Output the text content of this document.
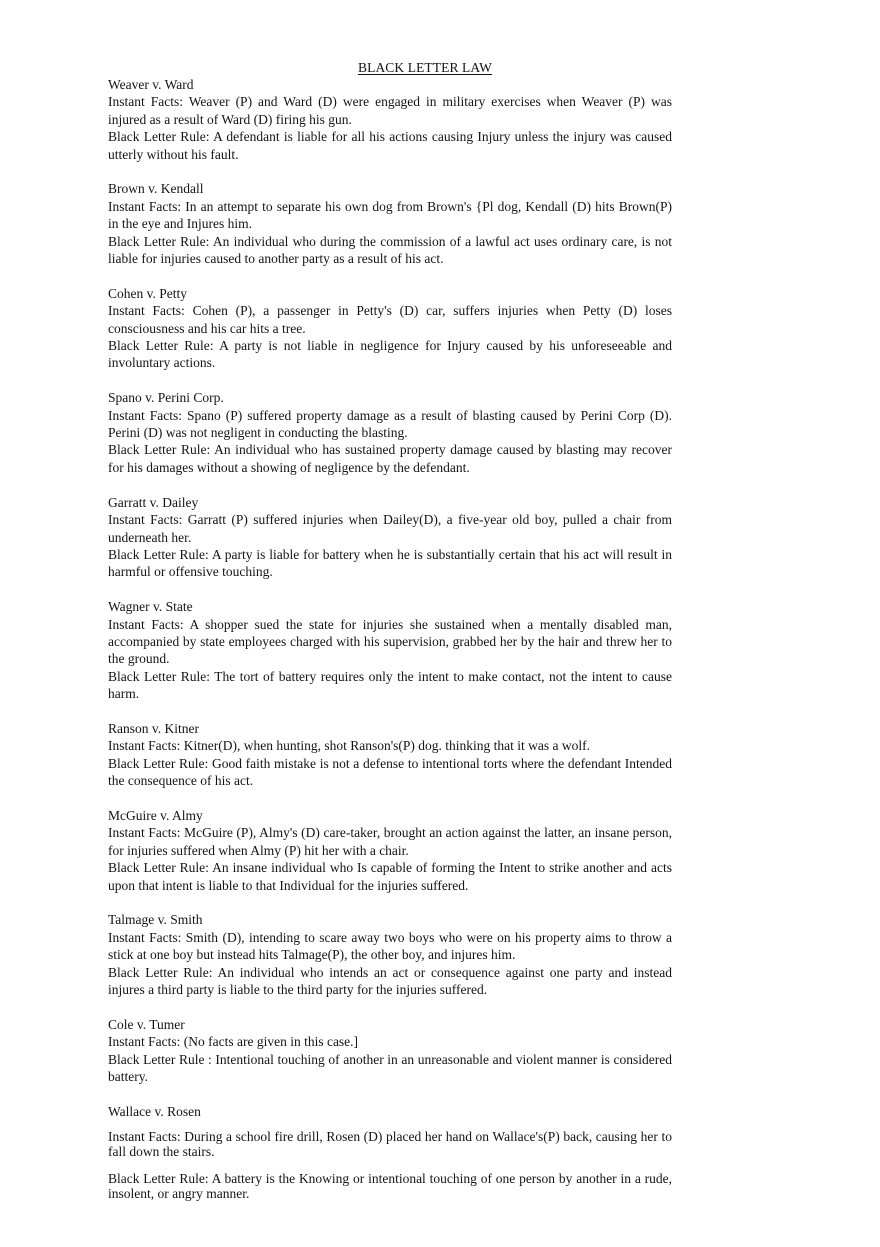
BLACK LETTER LAW
Weaver v. Ward

Instant Facts: Weaver (P) and Ward (D) were engaged in military exercises when Weaver (P) was injured as a result of Ward (D) firing his gun.

Black Letter Rule: A defendant is liable for all his actions causing Injury unless the injury was caused utterly without his fault.

Brown v. Kendall

Instant Facts: In an attempt to separate his own dog from Brown's {Pl dog, Kendall (D) hits Brown(P) in the eye and Injures him.

Black Letter Rule: An individual who during the commission of a lawful act uses ordinary care, is not liable for injuries caused to another party as a result of his act.

Cohen v. Petty

Instant Facts: Cohen (P), a passenger in Petty's (D) car, suffers injuries when Petty (D) loses consciousness and his car hits a tree.

Black Letter Rule: A party is not liable in negligence for Injury caused by his unforeseeable and involuntary actions.

Spano v. Perini Corp.

Instant Facts: Spano (P) suffered property damage as a result of blasting caused by Perini Corp (D). Perini (D) was not negligent in conducting the blasting.

Black Letter Rule: An individual who has sustained property damage caused by blasting may recover for his damages without a showing of negligence by the defendant.

Garratt v. Dailey

Instant Facts: Garratt (P) suffered injuries when Dailey(D), a five-year old boy, pulled a chair from underneath her.

Black Letter Rule: A party is liable for battery when he is substantially certain that his act will result in harmful or offensive touching.

Wagner v. State

Instant Facts: A shopper sued the state for injuries she sustained when a mentally disabled man, accompanied by state employees charged with his supervision, grabbed her by the hair and threw her to the ground.

Black Letter Rule: The tort of battery requires only the intent to make contact, not the intent to cause harm.

Ranson v. Kitner

Instant Facts: Kitner(D), when hunting, shot Ranson's(P) dog. thinking that it was a wolf.

Black Letter Rule: Good faith mistake is not a defense to intentional torts where the defendant Intended the consequence of his act.

McGuire v. Almy

Instant Facts: McGuire (P), Almy's (D) care-taker, brought an action against the latter, an insane person, for injuries suffered when Almy (P) hit her with a chair.

Black Letter Rule: An insane individual who Is capable of forming the Intent to strike another and acts upon that intent is liable to that Individual for the injuries suffered.

Talmage v. Smith

Instant Facts: Smith (D), intending to scare away two boys who were on his property aims to throw a stick at one boy but instead hits Talmage(P), the other boy, and injures him.

Black Letter Rule: An individual who intends an act or consequence against one party and instead injures a third party is liable to the third party for the injuries suffered.

Cole v. Tumer

Instant Facts: (No facts are given in this case.]

Black Letter Rule : Intentional touching of another in an unreasonable and violent manner is considered battery.

Wallace v. Rosen

Instant Facts: During a school fire drill, Rosen (D) placed her hand on Wallace's(P) back, causing her to fall down the stairs.

Black Letter Rule: A battery is the Knowing or intentional touching of one person by another in a rude, insolent, or angry manner.
